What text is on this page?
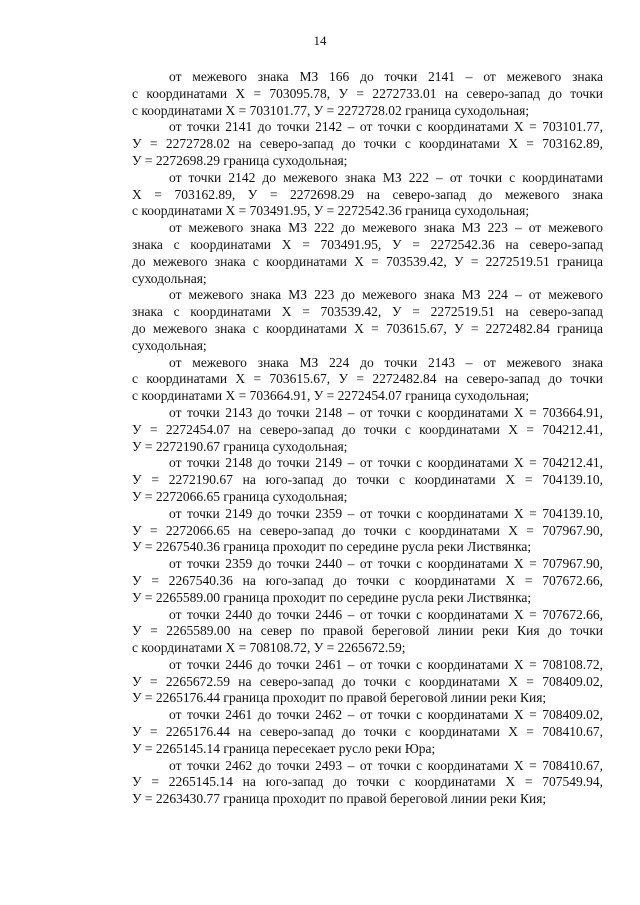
14
от межевого знака МЗ 166 до точки 2141 – от межевого знака
с координатами Х = 703095.78, У = 2272733.01 на северо-запад до точки
с координатами Х = 703101.77, У = 2272728.02 граница суходольная;
от точки 2141 до точки 2142 – от точки с координатами Х = 703101.77,
У = 2272728.02 на северо-запад до точки с координатами Х = 703162.89,
У = 2272698.29 граница суходольная;
от точки 2142 до межевого знака МЗ 222 – от точки с координатами
Х = 703162.89, У = 2272698.29 на северо-запад до межевого знака
с координатами Х = 703491.95, У = 2272542.36 граница суходольная;
от межевого знака МЗ 222 до межевого знака МЗ 223 – от межевого
знака с координатами Х = 703491.95, У = 2272542.36 на северо-запад
до межевого знака с координатами Х = 703539.42, У = 2272519.51 граница
суходольная;
от межевого знака МЗ 223 до межевого знака МЗ 224 – от межевого
знака с координатами Х = 703539.42, У = 2272519.51 на северо-запад
до межевого знака с координатами Х = 703615.67, У = 2272482.84 граница
суходольная;
от межевого знака МЗ 224 до точки 2143 – от межевого знака
с координатами Х = 703615.67, У = 2272482.84 на северо-запад до точки
с координатами Х = 703664.91, У = 2272454.07 граница суходольная;
от точки 2143 до точки 2148 – от точки с координатами Х = 703664.91,
У = 2272454.07 на северо-запад до точки с координатами Х = 704212.41,
У = 2272190.67 граница суходольная;
от точки 2148 до точки 2149 – от точки с координатами Х = 704212.41,
У = 2272190.67 на юго-запад до точки с координатами Х = 704139.10,
У = 2272066.65 граница суходольная;
от точки 2149 до точки 2359 – от точки с координатами Х = 704139.10,
У = 2272066.65 на северо-запад до точки с координатами Х = 707967.90,
У = 2267540.36 граница проходит по середине русла реки Листвянка;
от точки 2359 до точки 2440 – от точки с координатами Х = 707967.90,
У = 2267540.36 на юго-запад до точки с координатами Х = 707672.66,
У = 2265589.00 граница проходит по середине русла реки Листвянка;
от точки 2440 до точки 2446 – от точки с координатами Х = 707672.66,
У = 2265589.00 на север по правой береговой линии реки Кия до точки
с координатами Х = 708108.72, У = 2265672.59;
от точки 2446 до точки 2461 – от точки с координатами Х = 708108.72,
У = 2265672.59 на северо-запад до точки с координатами Х = 708409.02,
У = 2265176.44 граница проходит по правой береговой линии реки Кия;
от точки 2461 до точки 2462 – от точки с координатами Х = 708409.02,
У = 2265176.44 на северо-запад до точки с координатами Х = 708410.67,
У = 2265145.14 граница пересекает русло реки Юра;
от точки 2462 до точки 2493 – от точки с координатами Х = 708410.67,
У = 2265145.14 на юго-запад до точки с координатами Х = 707549.94,
У = 2263430.77 граница проходит по правой береговой линии реки Кия;
